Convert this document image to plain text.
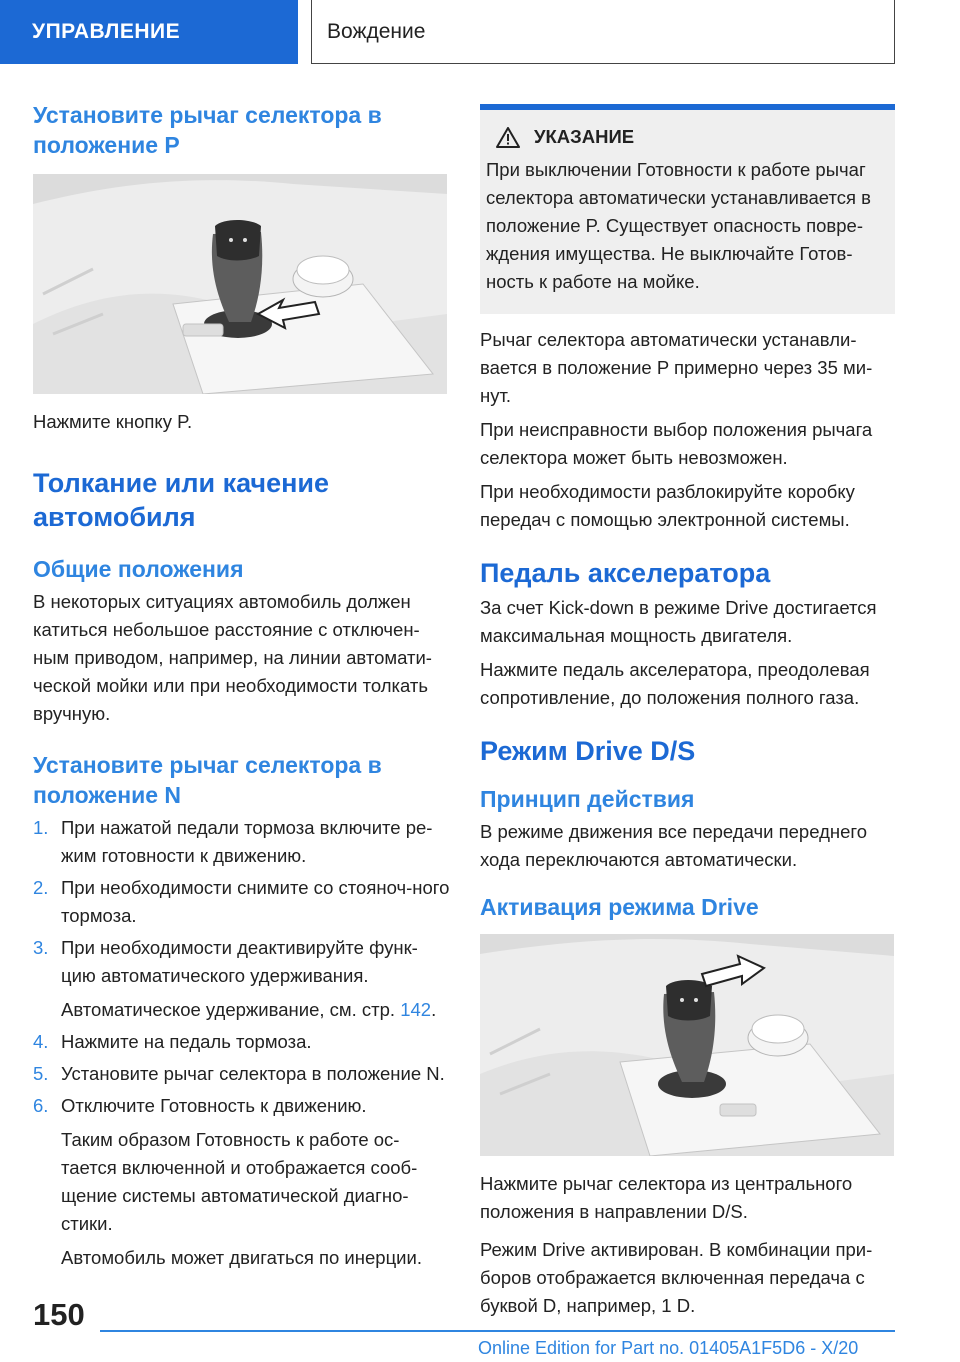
УПРАВЛЕНИЕ	Вождение
Установите рычаг селектора в положение P

Нажмите кнопку P.

Толкание или качение автомобиля
Общие положения

В некоторых ситуациях автомобиль должен катиться небольшое расстояние с отключен-ным приводом, например, на линии автомати-ческой мойки или при необходимости толкать вручную.

Установите рычаг селектора в положение N
1. При нажатой педали тормоза включите ре-жим готовности к движению.
2. При необходимости снимите со стояноч-ного тормоза.
3. При необходимости деактивируйте функ-цию автоматического удерживания.
Автоматическое удерживание, см. стр. 142.
4. Нажмите на педаль тормоза.
5. Установите рычаг селектора в положение N.
6. Отключите Готовность к движению.
Таким образом Готовность к работе ос-тается включенной и отображается сооб-щение системы автоматической диагно-стики.
Автомобиль может двигаться по инерции.
УКАЗАНИЕ

При выключении Готовности к работе рычаг селектора автоматически устанавливается в положение P. Существует опасность повре-ждения имущества. Не выключайте Готов-ность к работе на мойке.

Рычаг селектора автоматически устанавли-вается в положение P примерно через 35 ми-нут.

При неисправности выбор положения рычага селектора может быть невозможен.

При необходимости разблокируйте коробку передач с помощью электронной системы.

Педаль акселератора

За счет Kick-down в режиме Drive достигается максимальная мощность двигателя.

Нажмите педаль акселератора, преодолевая сопротивление, до положения полного газа.

Режим Drive D/S
Принцип действия

В режиме движения все передачи переднего хода переключаются автоматически.

Активация режима Drive

Нажмите рычаг селектора из центрального положения в направлении D/S.

Режим Drive активирован. В комбинации при-боров отображается включенная передача с буквой D, например, 1 D.

150
Online Edition for Part no. 01405A1F5D6 - X/20
